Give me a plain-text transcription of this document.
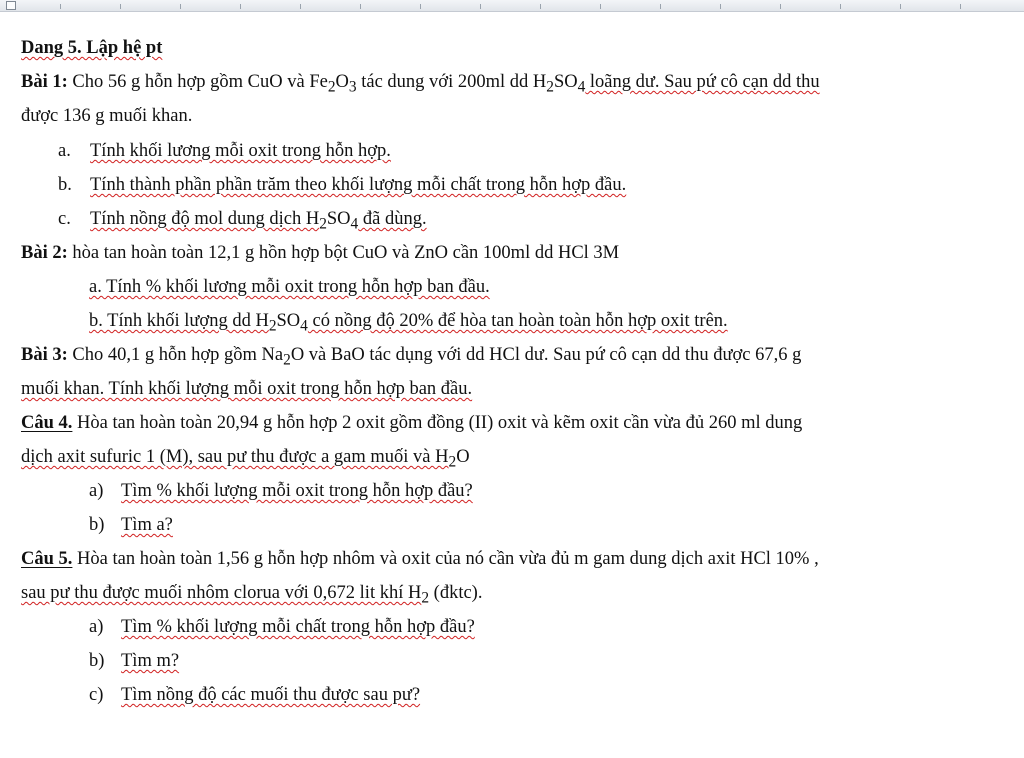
Dang 5. Lập hệ pt
Bài 1: Cho 56 g hỗn hợp gồm CuO và $Fe_2O_3$ tác dung với 200ml dd $H_2SO_4$ loãng dư. Sau pứ cô cạn dd thu
được 136 g muối khan.
a. Tính khối lương mỗi oxit trong hỗn hợp.
b. Tính thành phần phần trăm theo khối lượng mỗi chất trong hỗn hợp đầu.
c. Tính nồng độ mol dung dịch $H_2SO_4$ đã dùng.
Bài 2: hòa tan hoàn toàn 12,1 g hồn hợp bột CuO và ZnO cần 100ml dd HCl 3M
a. Tính % khối lương mỗi oxit trong hỗn hợp ban đầu.
b. Tính khối lượng dd $H_2SO_4$ có nồng độ 20% để hòa tan hoàn toàn hỗn hợp oxit trên.
Bài 3: Cho 40,1 g hỗn hợp gồm $Na_2O$ và BaO tác dụng với dd HCl dư. Sau pứ cô cạn dd thu được 67,6 g
muối khan. Tính khối lượng mỗi oxit trong hỗn hợp ban đầu.
Câu 4. Hòa tan hoàn toàn 20,94 g hỗn hợp 2 oxit gồm đồng (II) oxit và kẽm oxit cần vừa đủ 260 ml dung
dịch axit sufuric 1 (M), sau pư thu được a gam muối và $H_2O$
a) Tìm % khối lượng mỗi oxit trong hỗn hợp đầu?
b) Tìm a?
Câu 5. Hòa tan hoàn toàn 1,56 g hỗn hợp nhôm và oxit của nó cần vừa đủ m gam dung dịch axit HCl 10% ,
sau pư thu được muối nhôm clorua với 0,672 lit khí $H_2$ (đktc).
a) Tìm % khối lượng mỗi chất trong hỗn hợp đầu?
b) Tìm m?
c) Tìm nồng độ các muối thu được sau pư?
